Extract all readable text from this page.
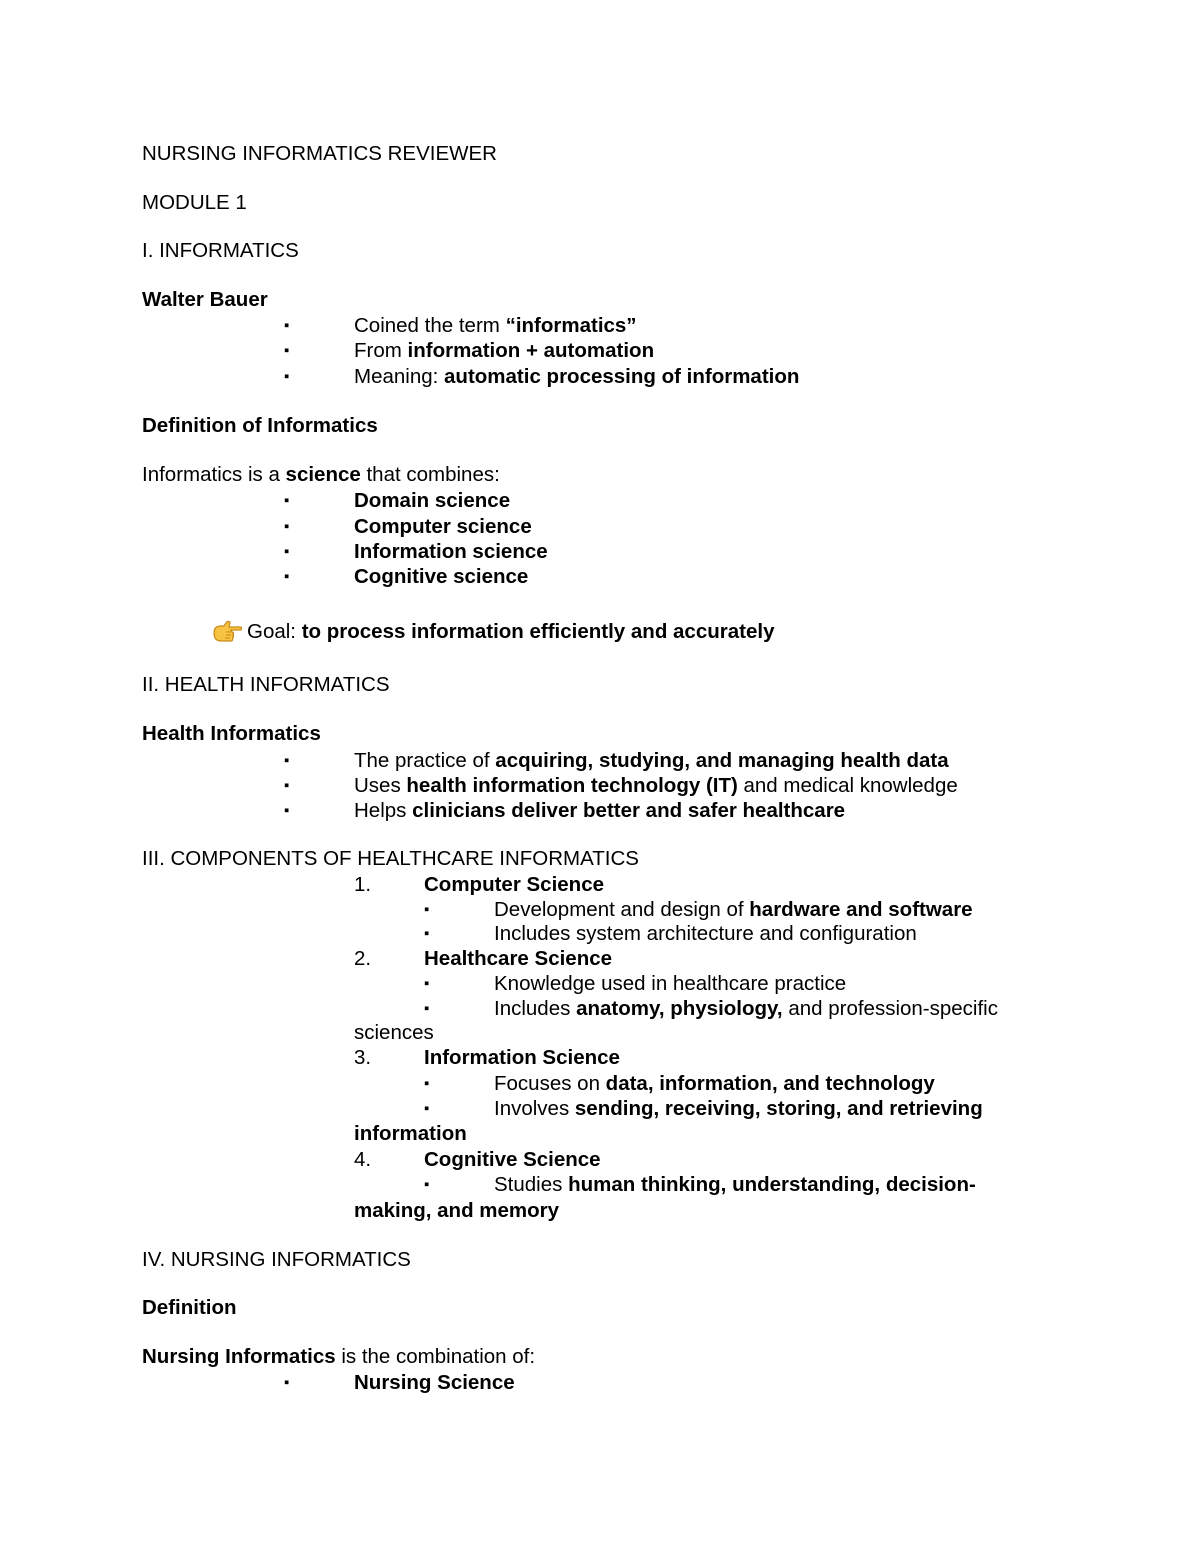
NURSING INFORMATICS REVIEWER

MODULE 1

I. INFORMATICS

Walter Bauer

▪	Coined the term “informatics”

▪	From information + automation

▪	Meaning: automatic processing of information

Definition of Informatics

Informatics is a science that combines:

▪	Domain science

▪	Computer science

▪	Information science

▪	Cognitive science

Goal: to process information efficiently and accurately

II. HEALTH INFORMATICS

Health Informatics

▪	The practice of acquiring, studying, and managing health data

▪	Uses health information technology (IT) and medical knowledge

▪	Helps clinicians deliver better and safer healthcare

III. COMPONENTS OF HEALTHCARE INFORMATICS

1.	Computer Science

▪	Development and design of hardware and software

▪	Includes system architecture and configuration

2.	Healthcare Science

▪	Knowledge used in healthcare practice

▪	Includes anatomy, physiology, and profession-specific

sciences

3.	Information Science

▪	Focuses on data, information, and technology

▪	Involves sending, receiving, storing, and retrieving

information

4.	Cognitive Science

▪	Studies human thinking, understanding, decision-

making, and memory

IV. NURSING INFORMATICS

Definition

Nursing Informatics is the combination of:

▪	Nursing Science
